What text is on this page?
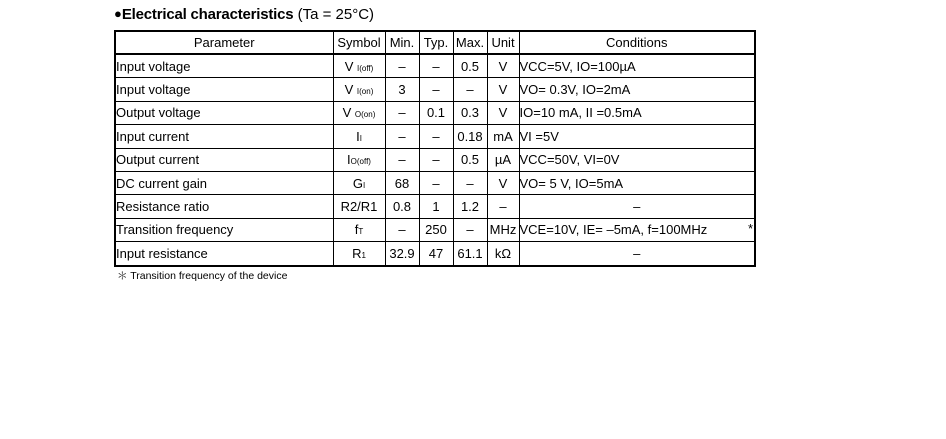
●Electrical characteristics (Ta = 25°C)
Parameter	Symbol	Min.	Typ.	Max.	Unit	Conditions
Input voltage	V I(off)	–	–	0.5	V	VCC=5V, IO=100µA
Input voltage	V I(on)	3	–	–	V	VO= 0.3V, IO=2mA
Output voltage	V O(on)	–	0.1	0.3	V	IO=10 mA, II =0.5mA
Input current	II	–	–	0.18	mA	VI =5V
Output current	IO(off)	–	–	0.5	µA	VCC=50V, VI=0V
DC current gain	GI	68	–	–	V	VO= 5 V, IO=5mA
Resistance ratio	R2/R1	0.8	1	1.2	–	–
Transition frequency	fT	–	250	–	MHz	VCE=10V, IE= –5mA, f=100MHz *

Input resistance	R1	32.9	47	61.1	kΩ	–
＊ Transition frequency of the device
